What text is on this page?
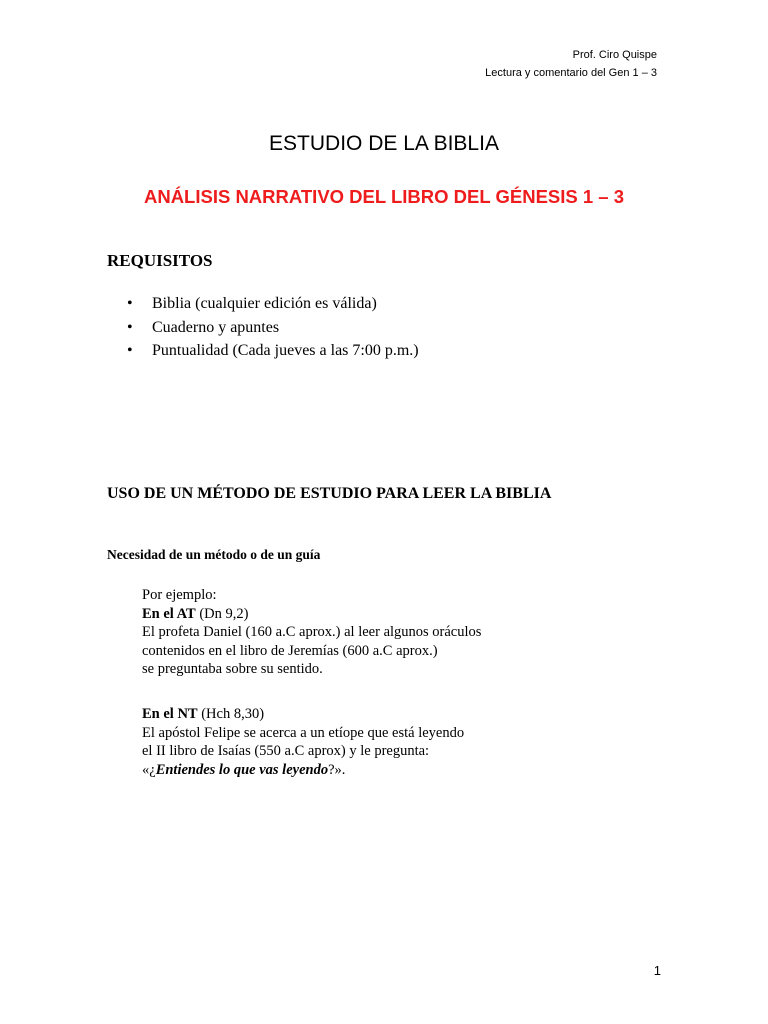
Prof. Ciro Quispe
Lectura y comentario del Gen 1 – 3
ESTUDIO DE LA BIBLIA
ANÁLISIS NARRATIVO DEL LIBRO DEL GÉNESIS 1 – 3
REQUISITOS
• Biblia (cualquier edición es válida)
• Cuaderno y apuntes
• Puntualidad (Cada jueves a las 7:00 p.m.)
USO DE UN MÉTODO DE ESTUDIO PARA LEER LA BIBLIA
Necesidad de un método o de un guía

Por ejemplo:

En el AT (Dn 9,2)

El profeta Daniel (160 a.C aprox.) al leer algunos oráculos

contenidos en el libro de Jeremías (600 a.C aprox.)

se preguntaba sobre su sentido.

En el NT (Hch 8,30)

El apóstol Felipe se acerca a un etíope que está leyendo

el II libro de Isaías (550 a.C aprox) y le pregunta:

«¿Entiendes lo que vas leyendo?».

1
